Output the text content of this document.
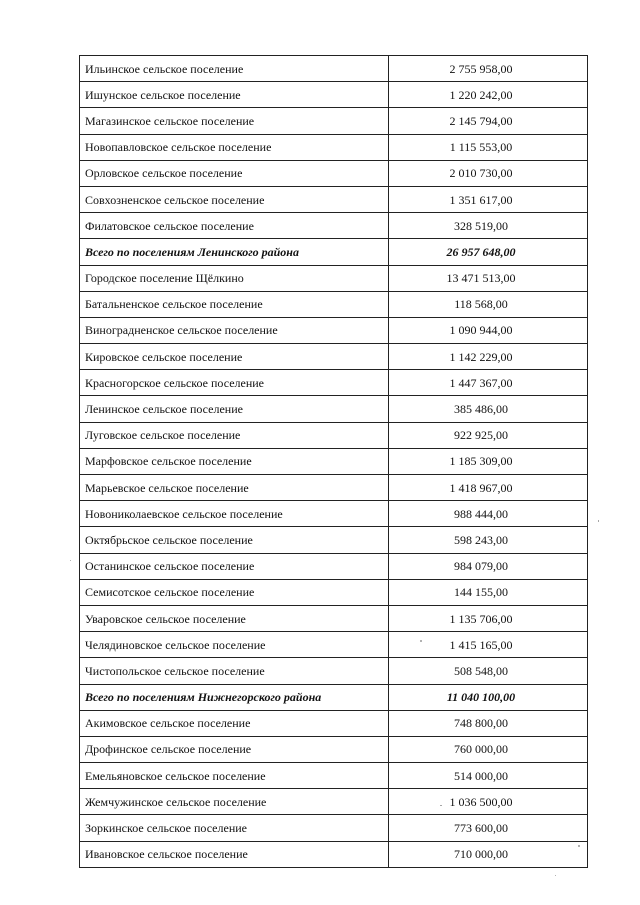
Ильинское сельское поселение	2 755 958,00
Ишунское сельское поселение	1 220 242,00
Магазинское сельское поселение	2 145 794,00
Новопавловское сельское поселение	1 115 553,00
Орловское сельское поселение	2 010 730,00
Совхозненское сельское поселение	1 351 617,00
Филатовское сельское поселение	328 519,00
Всего по поселениям Ленинского района	26 957 648,00
Городское поселение Щёлкино	13 471 513,00
Батальненское сельское поселение	118 568,00
Виноградненское сельское поселение	1 090 944,00
Кировское сельское поселение	1 142 229,00
Красногорское сельское поселение	1 447 367,00
Ленинское сельское поселение	385 486,00
Луговское сельское поселение	922 925,00
Марфовское сельское поселение	1 185 309,00
Марьевское сельское поселение	1 418 967,00
Новониколаевское сельское поселение	988 444,00
Октябрьское сельское поселение	598 243,00
Останинское сельское поселение	984 079,00
Семисотское сельское поселение	144 155,00
Уваровское сельское поселение	1 135 706,00
Челядиновское сельское поселение	1 415 165,00
Чистопольское сельское поселение	508 548,00
Всего по поселениям Нижнегорского района	11 040 100,00
Акимовское сельское поселение	748 800,00
Дрофинское сельское поселение	760 000,00
Емельяновское сельское поселение	514 000,00
Жемчужинское сельское поселение	1 036 500,00
Зоркинское сельское поселение	773 600,00
Ивановское сельское поселение	710 000,00
